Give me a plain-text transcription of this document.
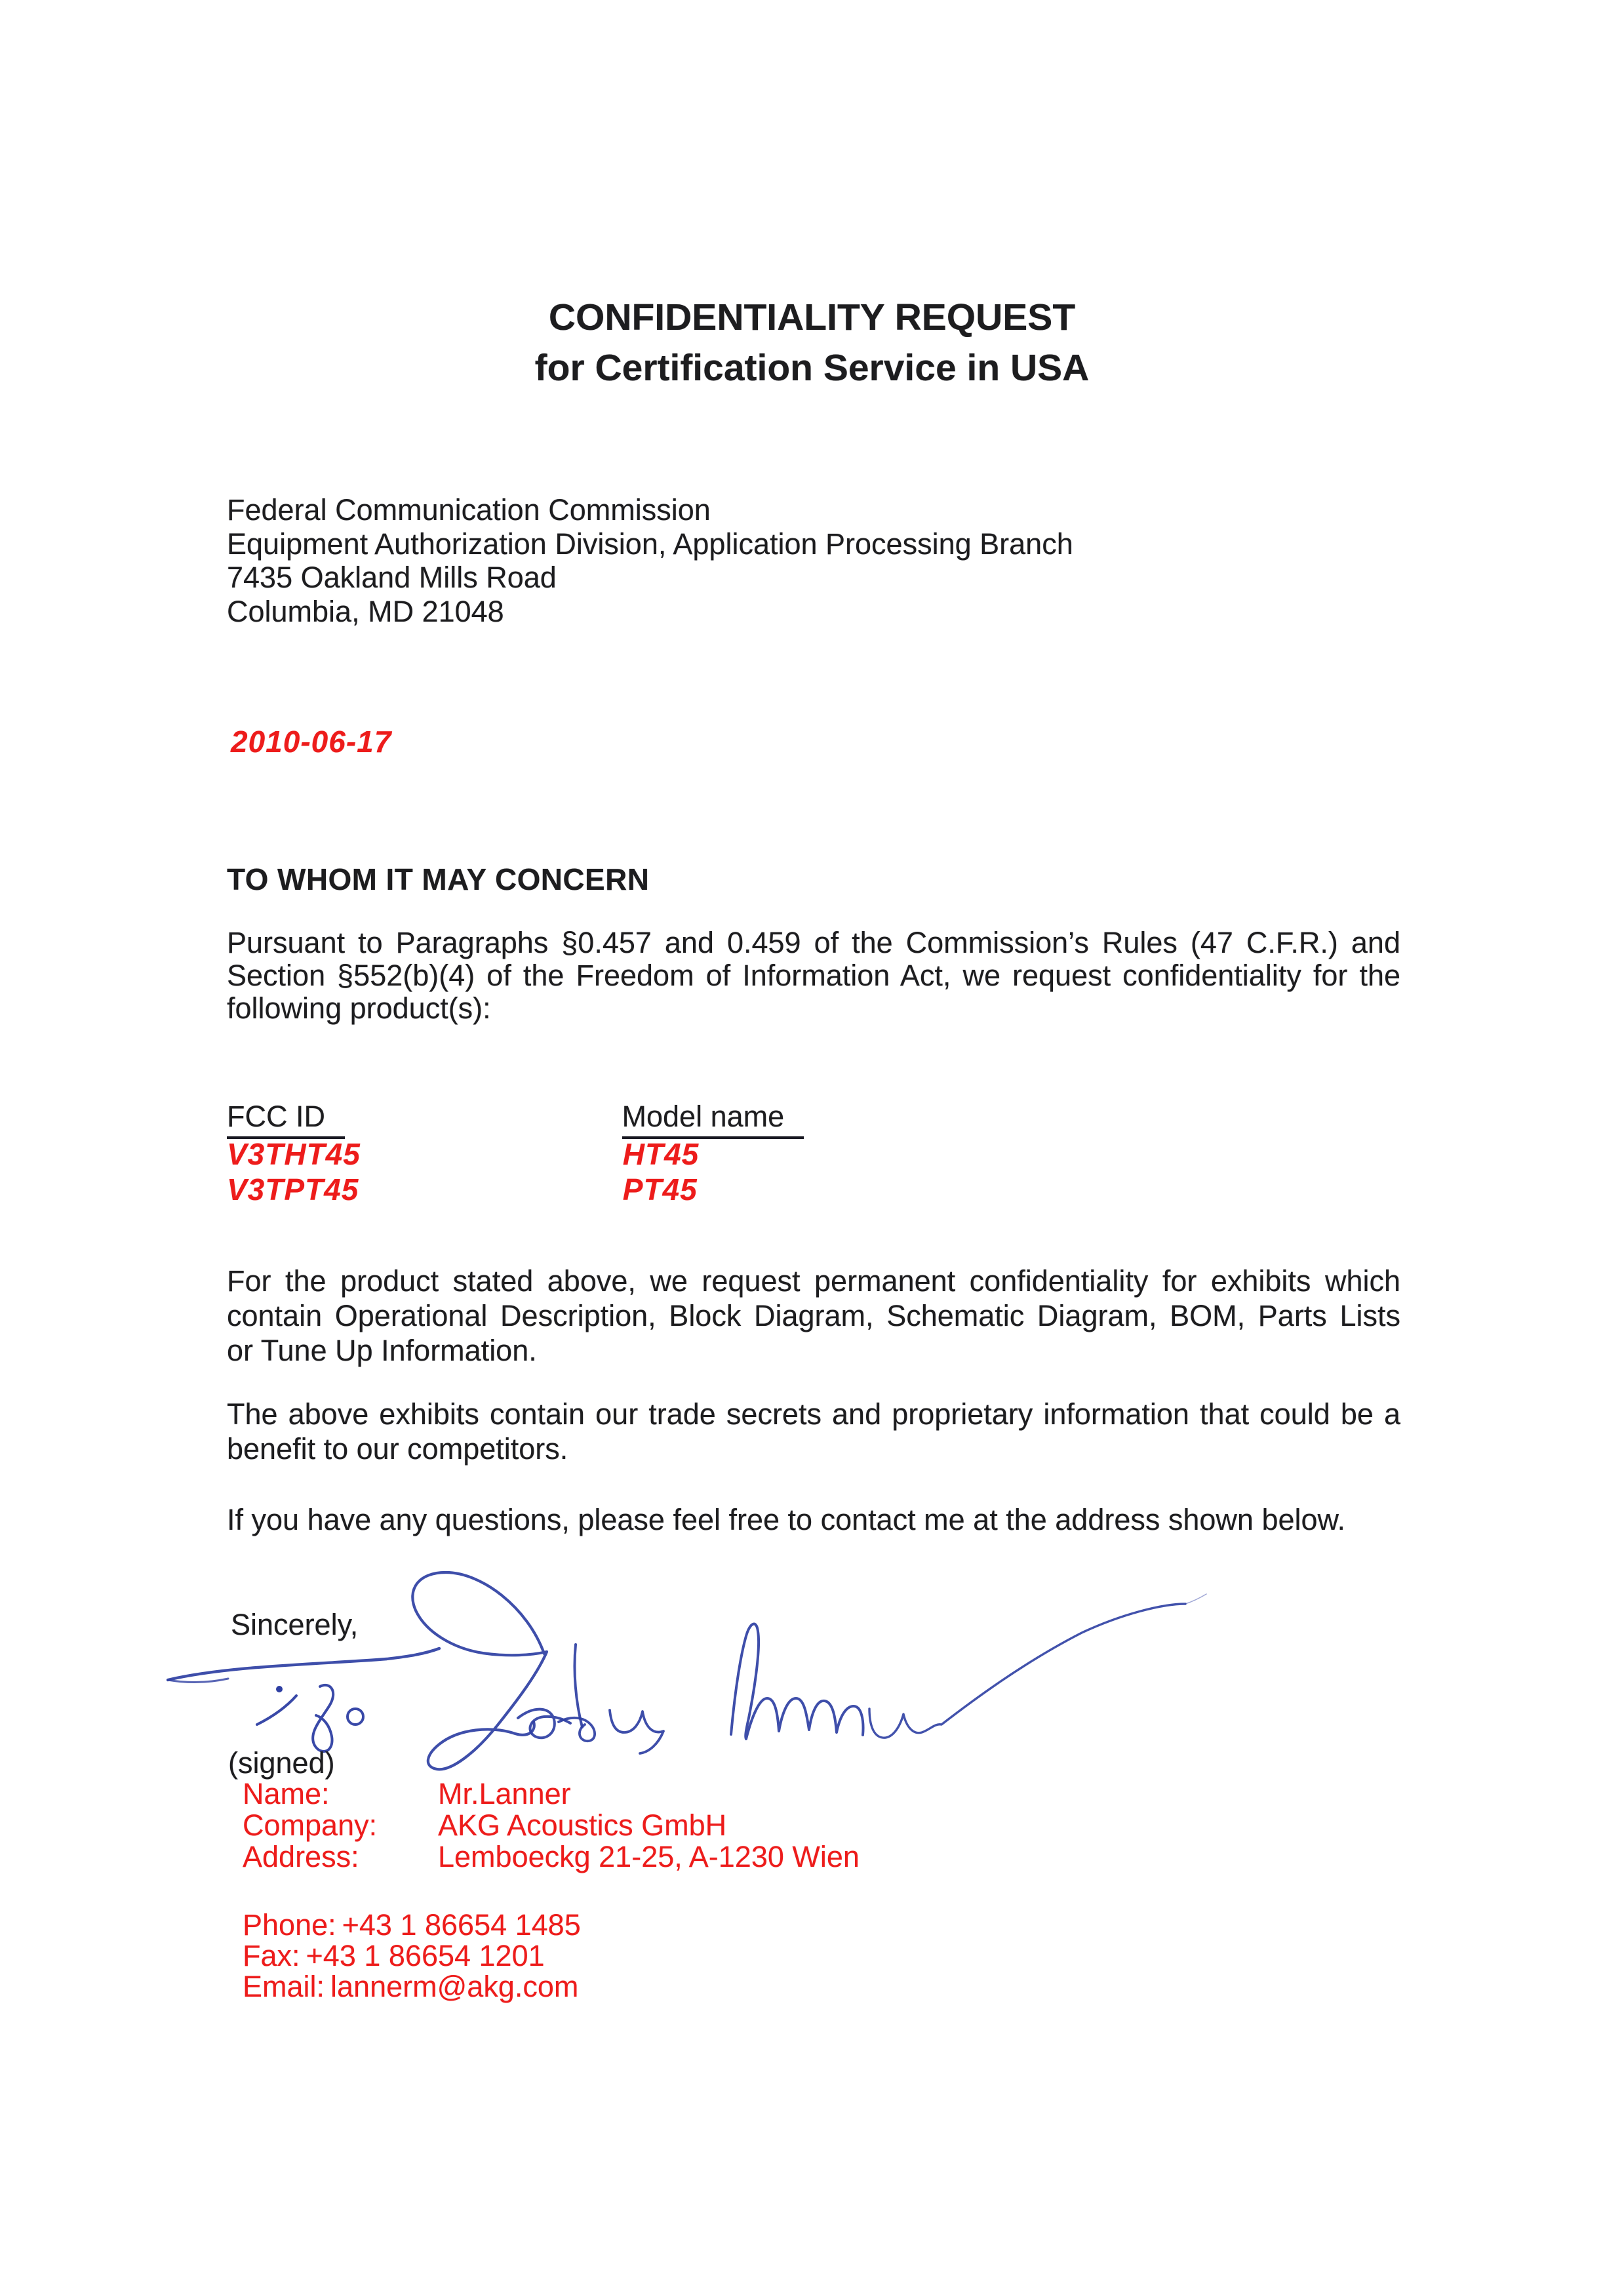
CONFIDENTIALITY REQUEST
for Certification Service in USA
Federal Communication Commission
Equipment Authorization Division, Application Processing Branch
7435 Oakland Mills Road
Columbia, MD 21048
2010-06-17
TO WHOM IT MAY CONCERN
Pursuant to Paragraphs §0.457 and 0.459 of the Commission’s Rules (47 C.F.R.) and
Section §552(b)(4) of the Freedom of Information Act, we request confidentiality for the
following product(s):
FCC ID	Model name
V3THT45	HT45
V3TPT45	PT45
For the product stated above, we request permanent confidentiality for exhibits which
contain Operational Description, Block Diagram, Schematic Diagram, BOM, Parts Lists
or Tune Up Information.
The above exhibits contain our trade secrets and proprietary information that could be a
benefit to our competitors.
If you have any questions, please feel free to contact me at the address shown below.
Sincerely,
(signed)
Name:	Mr.Lanner
Company:	AKG Acoustics GmbH
Address:	Lemboeckg 21-25, A-1230 Wien
Phone: +43 1 86654 1485
Fax: +43 1 86654 1201
Email: lannerm@akg.com
